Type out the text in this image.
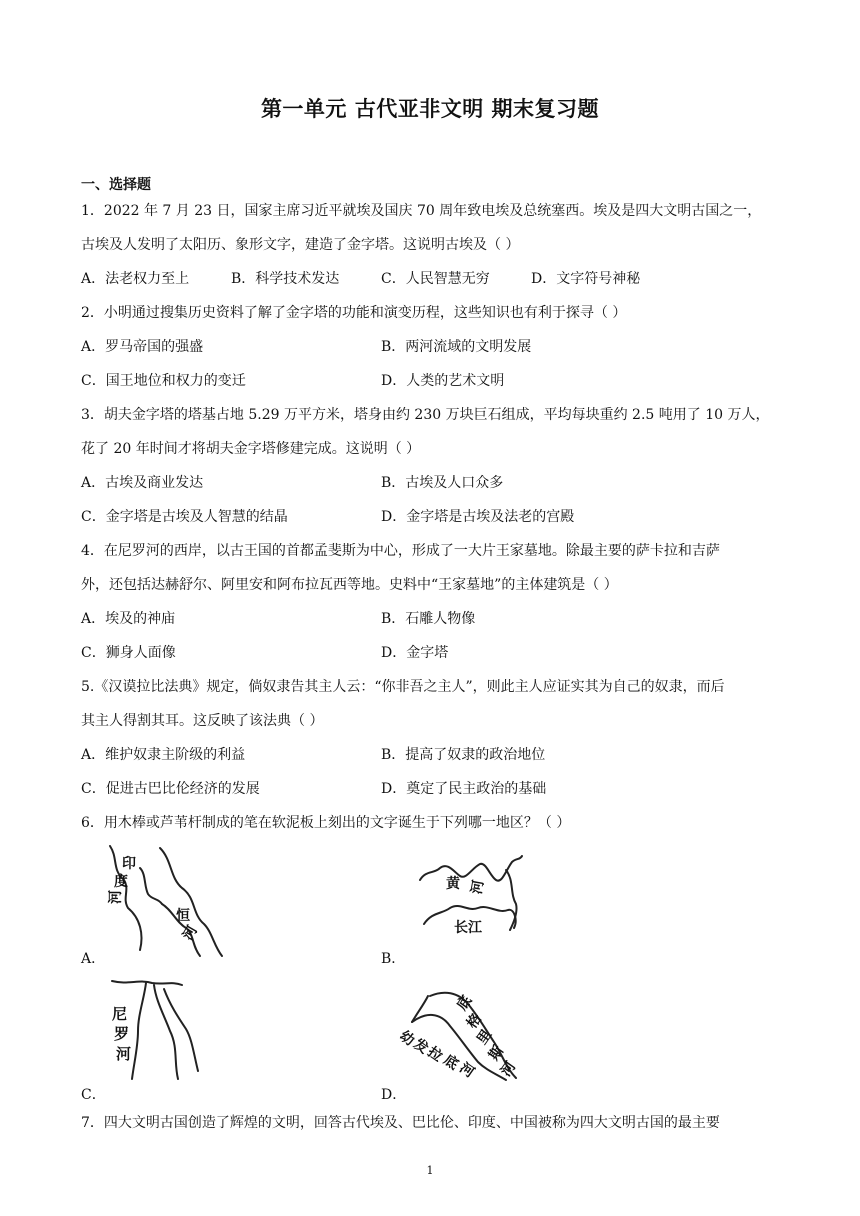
第一单元 古代亚非文明 期末复习题
一、选择题
1．2022 年 7 月 23 日，国家主席习近平就埃及国庆 70 周年致电埃及总统塞西。埃及是四大文明古国之一，
古埃及人发明了太阳历、象形文字，建造了金字塔。这说明古埃及（ ）
A．法老权力至上	B．科学技术发达	C．人民智慧无穷	D．文字符号神秘
2．小明通过搜集历史资料了解了金字塔的功能和演变历程，这些知识也有利于探寻（ ）
A．罗马帝国的强盛	B．两河流域的文明发展
C．国王地位和权力的变迁	D．人类的艺术文明
3．胡夫金字塔的塔基占地 5.29 万平方米，塔身由约 230 万块巨石组成，平均每块重约 2.5 吨用了 10 万人，
花了 20 年时间才将胡夫金字塔修建完成。这说明（ ）
A．古埃及商业发达	B．古埃及人口众多
C．金字塔是古埃及人智慧的结晶	D．金字塔是古埃及法老的宫殿
4．在尼罗河的西岸，以古王国的首都孟斐斯为中心，形成了一大片王家墓地。除最主要的萨卡拉和吉萨
外，还包括达赫舒尔、阿里安和阿布拉瓦西等地。史料中“王家墓地”的主体建筑是（ ）
A．埃及的神庙	B．石雕人物像
C．狮身人面像	D．金字塔
5.《汉谟拉比法典》规定，倘奴隶告其主人云：“你非吾之主人”，则此主人应证实其为自己的奴隶，而后
其主人得割其耳。这反映了该法典（ ）
A．维护奴隶主阶级的利益	B．提高了奴隶的政治地位
C．促进古巴比伦经济的发展	D．奠定了民主政治的基础
6．用木棒或芦苇杆制成的笔在软泥板上刻出的文字诞生于下列哪一地区？（ ）
印
度
河
恒
河
A．
黄 河
长江
B．
尼
罗
河
C．
底
格
里
斯
河
幼
发
拉
底
河
D．
7．四大文明古国创造了辉煌的文明，回答古代埃及、巴比伦、印度、中国被称为四大文明古国的最主要
1
